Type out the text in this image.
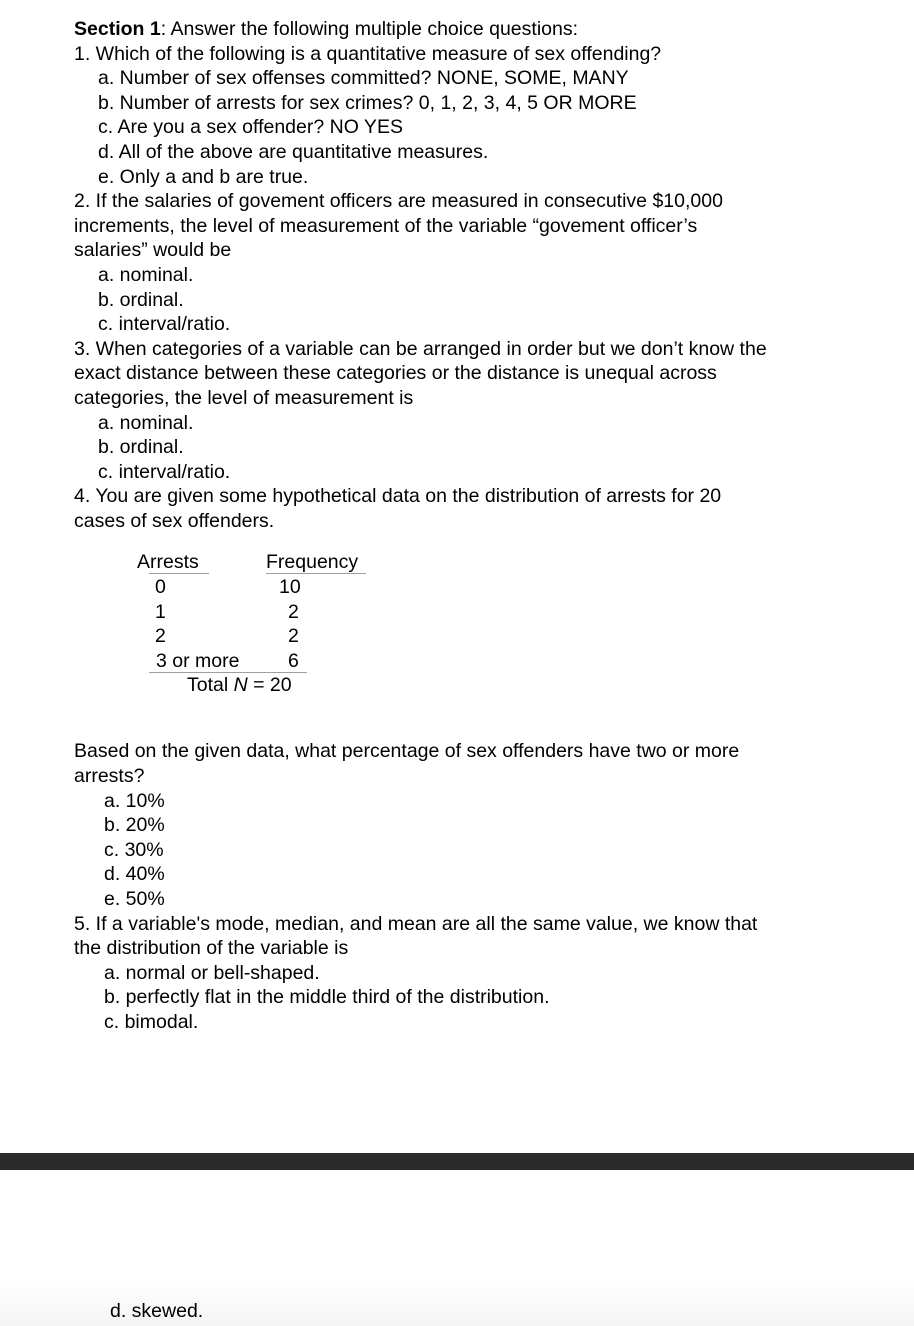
Section 1: Answer the following multiple choice questions:
1. Which of the following is a quantitative measure of sex offending?
a. Number of sex offenses committed? NONE, SOME, MANY
b. Number of arrests for sex crimes? 0, 1, 2, 3, 4, 5 OR MORE
c. Are you a sex offender? NO YES
d. All of the above are quantitative measures.
e. Only a and b are true.
2. If the salaries of govement officers are measured in consecutive $10,000
increments, the level of measurement of the variable “govement officer’s
salaries” would be
a. nominal.
b. ordinal.
c. interval/ratio.
3. When categories of a variable can be arranged in order but we don’t know the
exact distance between these categories or the distance is unequal across
categories, the level of measurement is
a. nominal.
b. ordinal.
c. interval/ratio.
4. You are given some hypothetical data on the distribution of arrests for 20
cases of sex offenders.
Based on the given data, what percentage of sex offenders have two or more
arrests?
a. 10%
b. 20%
c. 30%
d. 40%
e. 50%
5. If a variable's mode, median, and mean are all the same value, we know that
the distribution of the variable is
a. normal or bell-shaped.
b. perfectly flat in the middle third of the distribution.
c. bimodal.
Arrests	Frequency
0	10
1	2
2	2
3 or more 6
Total N = 20
d. skewed.
